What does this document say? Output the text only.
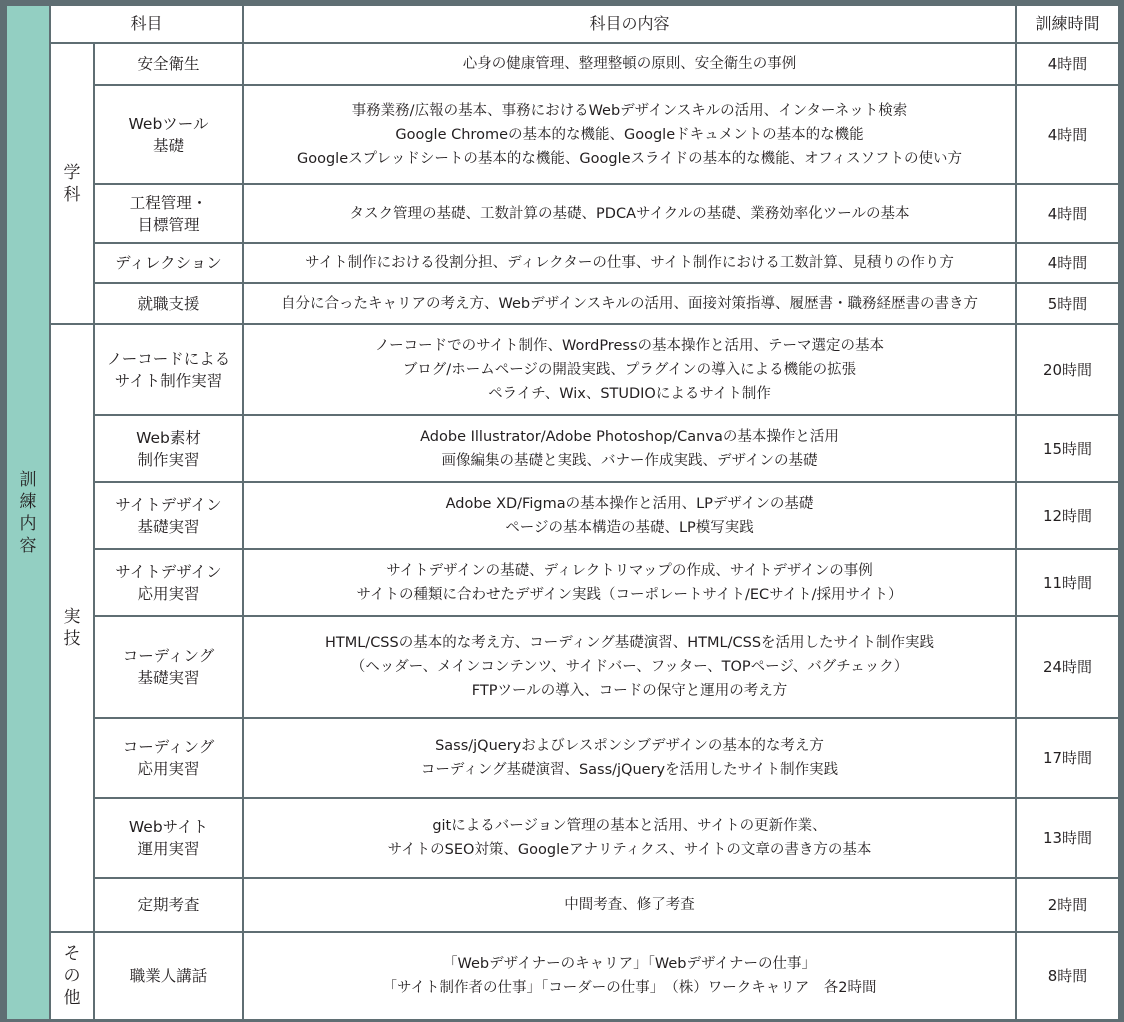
訓練内容	科目		科目の内容	訓練時間
	学科	安全衛生	心身の健康管理、整理整頓の原則、安全衛生の事例	4時間

		Webツール
基礎	事務業務/広報の基本、事務におけるWebデザインスキルの活用、インターネット検索
Google Chromeの基本的な機能、Googleドキュメントの基本的な機能
Googleスプレッドシートの基本的な機能、Googleスライドの基本的な機能、オフィスソフトの使い方	4時間

		工程管理・
目標管理	タスク管理の基礎、工数計算の基礎、PDCAサイクルの基礎、業務効率化ツールの基本	4時間

		ディレクション	サイト制作における役割分担、ディレクターの仕事、サイト制作における工数計算、見積りの作り方	4時間

		就職支援	自分に合ったキャリアの考え方、Webデザインスキルの活用、面接対策指導、履歴書・職務経歴書の書き方	5時間
	実技	ノーコードによる
サイト制作実習	ノーコードでのサイト制作、WordPressの基本操作と活用、テーマ選定の基本
ブログ/ホームページの開設実践、プラグインの導入による機能の拡張
ペライチ、Wix、STUDIOによるサイト制作	20時間

		Web素材
制作実習	Adobe Illustrator/Adobe Photoshop/Canvaの基本操作と活用
画像編集の基礎と実践、バナー作成実践、デザインの基礎	15時間

		サイトデザイン
基礎実習	Adobe XD/Figmaの基本操作と活用、LPデザインの基礎
ページの基本構造の基礎、LP模写実践	12時間

		サイトデザイン
応用実習	サイトデザインの基礎、ディレクトリマップの作成、サイトデザインの事例
サイトの種類に合わせたデザイン実践（コーポレートサイト/ECサイト/採用サイト）	11時間

		コーディング
基礎実習	HTML/CSSの基本的な考え方、コーディング基礎演習、HTML/CSSを活用したサイト制作実践
（ヘッダー、メインコンテンツ、サイドバー、フッター、TOPページ、バグチェック）
FTPツールの導入、コードの保守と運用の考え方	24時間

		コーディング
応用実習	Sass/jQueryおよびレスポンシブデザインの基本的な考え方
コーディング基礎演習、Sass/jQueryを活用したサイト制作実践	17時間

		Webサイト
運用実習	gitによるバージョン管理の基本と活用、サイトの更新作業、
サイトのSEO対策、Googleアナリティクス、サイトの文章の書き方の基本	13時間

		定期考査	中間考査、修了考査	2時間
	その他	職業人講話	「Webデザイナーのキャリア」「Webデザイナーの仕事」
「サイト制作者の仕事」「コーダーの仕事」　（株）ワークキャリア　各2時間	8時間
